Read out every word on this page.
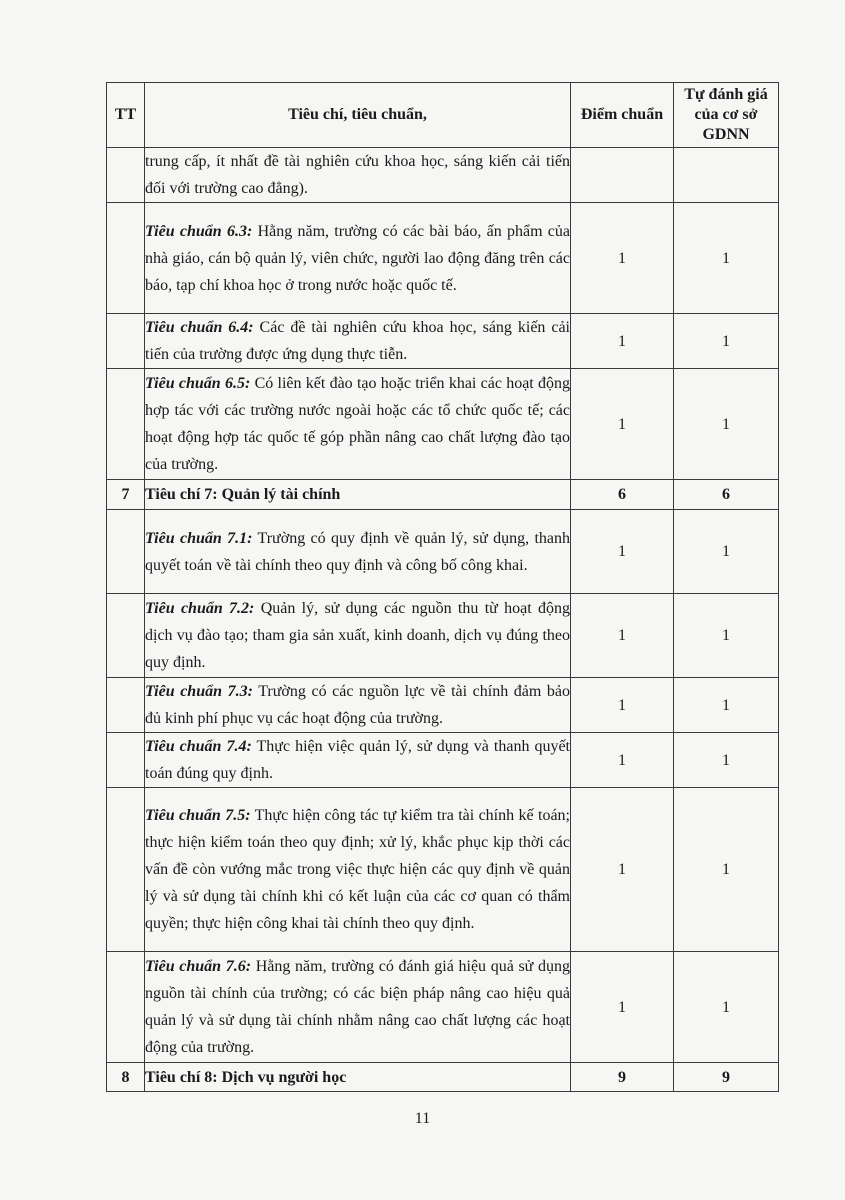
TT	Tiêu chí, tiêu chuẩn,	Điểm chuẩn	Tự đánh giá của cơ sở GDNN
	trung cấp, ít nhất đề tài nghiên cứu khoa học, sáng kiến cải tiến đối với trường cao đẳng).		
	Tiêu chuẩn 6.3: Hằng năm, trường có các bài báo, ấn phẩm của nhà giáo, cán bộ quản lý, viên chức, người lao động đăng trên các báo, tạp chí khoa học ở trong nước hoặc quốc tế.	1	1
	Tiêu chuẩn 6.4: Các đề tài nghiên cứu khoa học, sáng kiến cải tiến của trường được ứng dụng thực tiễn.	1	1
	Tiêu chuẩn 6.5: Có liên kết đào tạo hoặc triển khai các hoạt động hợp tác với các trường nước ngoài hoặc các tổ chức quốc tế; các hoạt động hợp tác quốc tế góp phần nâng cao chất lượng đào tạo của trường.	1	1
7	Tiêu chí 7: Quản lý tài chính	6	6
	Tiêu chuẩn 7.1: Trường có quy định về quản lý, sử dụng, thanh quyết toán về tài chính theo quy định và công bố công khai.	1	1
	Tiêu chuẩn 7.2: Quản lý, sử dụng các nguồn thu từ hoạt động dịch vụ đào tạo; tham gia sản xuất, kinh doanh, dịch vụ đúng theo quy định.	1	1
	Tiêu chuẩn 7.3: Trường có các nguồn lực về tài chính đảm bảo đủ kinh phí phục vụ các hoạt động của trường.	1	1
	Tiêu chuẩn 7.4: Thực hiện việc quản lý, sử dụng và thanh quyết toán đúng quy định.	1	1
	Tiêu chuẩn 7.5: Thực hiện công tác tự kiểm tra tài chính kế toán; thực hiện kiểm toán theo quy định; xử lý, khắc phục kịp thời các vấn đề còn vướng mắc trong việc thực hiện các quy định về quản lý và sử dụng tài chính khi có kết luận của các cơ quan có thẩm quyền; thực hiện công khai tài chính theo quy định.	1	1
	Tiêu chuẩn 7.6: Hằng năm, trường có đánh giá hiệu quả sử dụng nguồn tài chính của trường; có các biện pháp nâng cao hiệu quả quản lý và sử dụng tài chính nhằm nâng cao chất lượng các hoạt động của trường.	1	1
8	Tiêu chí 8: Dịch vụ người học	9	9
11
